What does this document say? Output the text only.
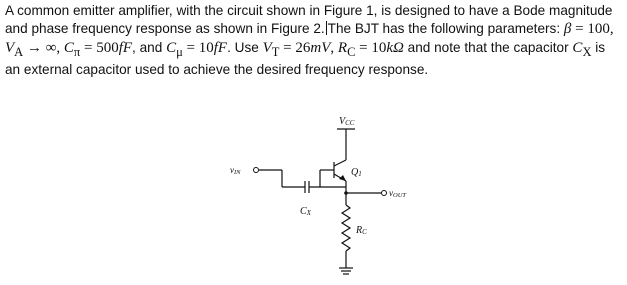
A common emitter amplifier, with the circuit shown in Figure 1, is designed to have a Bode magnitude

and phase frequency response as shown in Figure 2. The BJT has the following parameters: β = 100,

$V_A$ → ∞, $C_\pi = 500fF$, and $C_\mu = 10fF$. Use $V_T = 26mV$, $R_C = 10k\Omega$ and note that the capacitor $C_X$ is

an external capacitor used to achieve the desired frequency response.

VCC
Q1
vIN
vOUT
CX
RC
